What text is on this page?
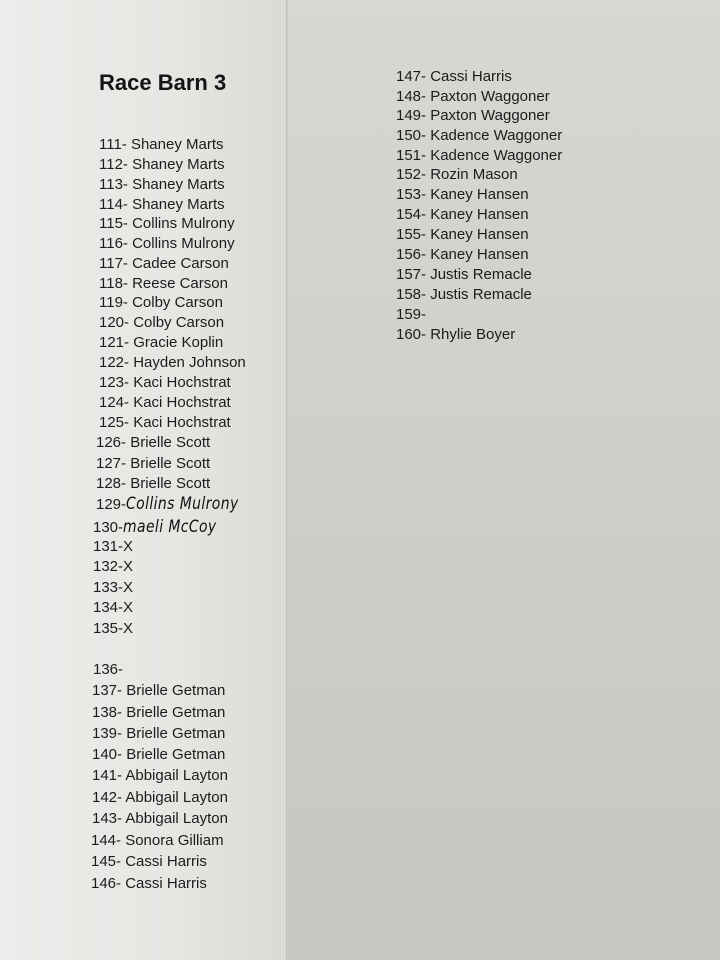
Race Barn 3
111- Shaney Marts
112- Shaney Marts
113- Shaney Marts
114- Shaney Marts
115- Collins Mulrony
116- Collins Mulrony
117- Cadee Carson
118- Reese Carson
119- Colby Carson
120- Colby Carson
121- Gracie Koplin
122- Hayden Johnson
123- Kaci Hochstrat
124- Kaci Hochstrat
125- Kaci Hochstrat
126- Brielle Scott
127- Brielle Scott
128- Brielle Scott
129-Collins Mulrony
130-maeli McCoy
131-X
132-X
133-X
134-X
135-X
136-
137- Brielle Getman
138- Brielle Getman
139- Brielle Getman
140- Brielle Getman
141- Abbigail Layton
142- Abbigail Layton
143- Abbigail Layton
144- Sonora Gilliam
145- Cassi Harris
146- Cassi Harris
147- Cassi Harris
148- Paxton Waggoner
149- Paxton Waggoner
150- Kadence Waggoner
151- Kadence Waggoner
152- Rozin Mason
153- Kaney Hansen
154- Kaney Hansen
155- Kaney Hansen
156- Kaney Hansen
157- Justis Remacle
158- Justis Remacle
159-
160- Rhylie Boyer
